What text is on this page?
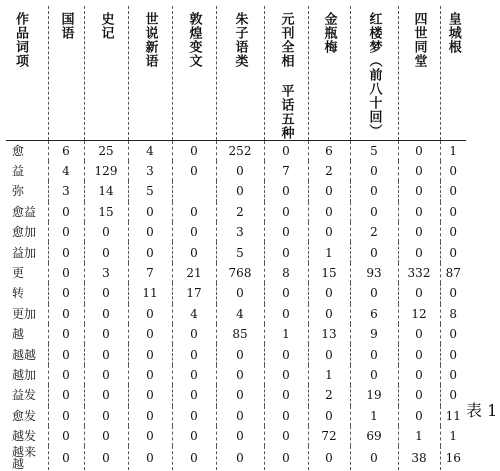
作品词项	国语	史记	世说新语	敦煌变文	朱子语类	元刊全相 平话五种	金瓶梅	红楼梦（前八十回）	四世同堂	皇城根

愈	6	25	4	0	252	0	6	5	0	1
益	4	129	3	0	0	7	2	0	0	0
弥	3	14	5		0	0	0	0	0	0
愈益	0	15	0	0	2	0	0	0	0	0
愈加	0	0	0	0	3	0	0	2	0	0
益加	0	0	0	0	5	0	1	0	0	0
更	0	3	7	21	768	8	15	93	332	87
转	0	0	11	17	0	0	0	0	0	0
更加	0	0	0	4	4	0	0	6	12	8
越	0	0	0	0	85	1	13	9	0	0
越越	0	0	0	0	0	0	0	0	0	0
越加	0	0	0	0	0	0	1	0	0	0
益发	0	0	0	0	0	0	2	19	0	0
愈发	0	0	0	0	0	0	0	1	0	11
越发	0	0	0	0	0	0	72	69	1	1
越来越	0	0	0	0	0	0	0	0	38	16
表 1
